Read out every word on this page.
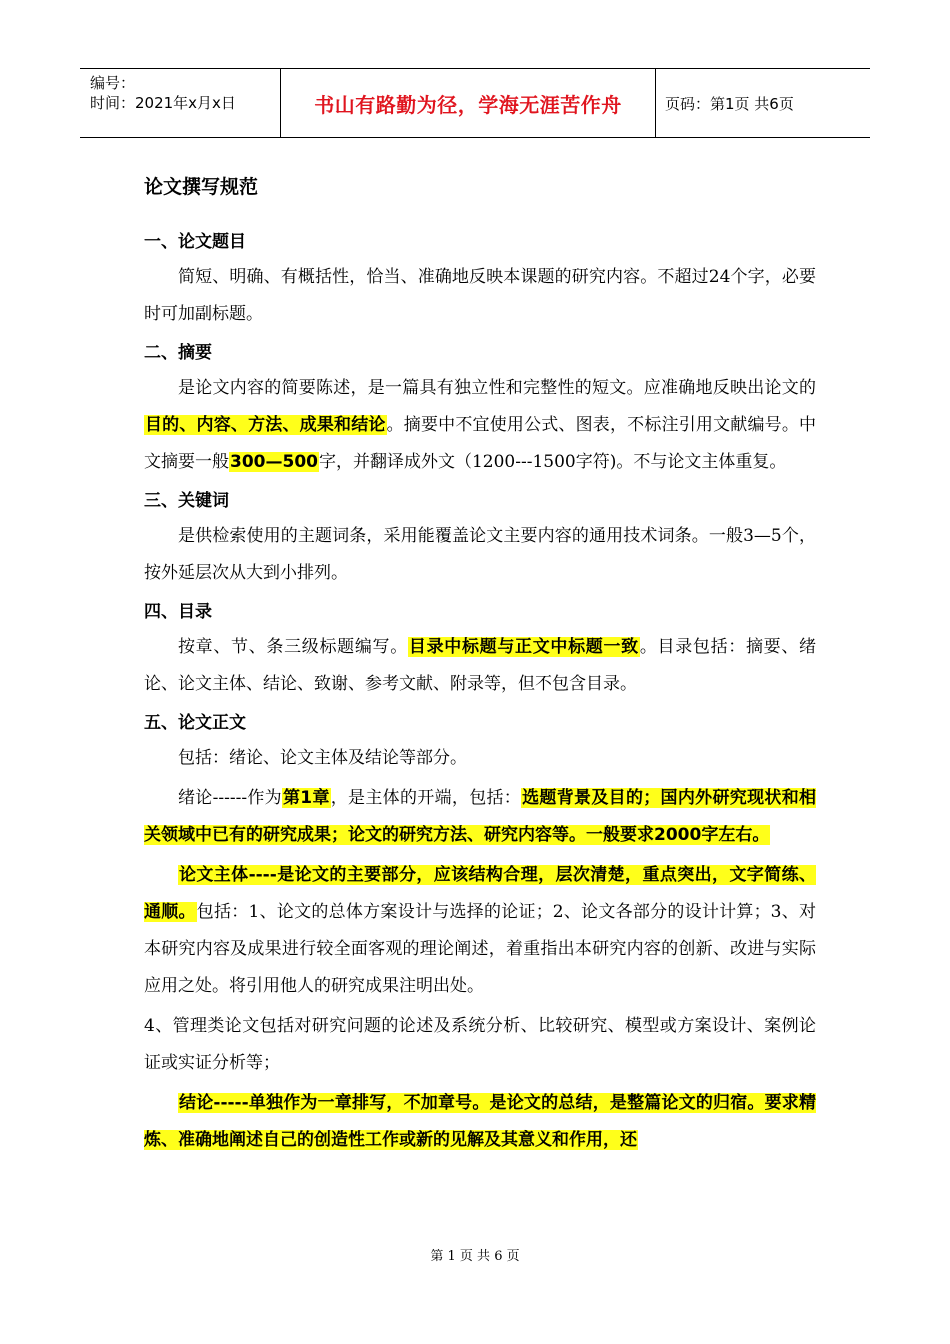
编号：
时间：2021年x月x日	书山有路勤为径，学海无涯苦作舟	页码：第1页 共6页
论文撰写规范
一、论文题目

简短、明确、有概括性，恰当、准确地反映本课题的研究内容。不超过24个字，必要时可加副标题。

二、摘要

是论文内容的简要陈述，是一篇具有独立性和完整性的短文。应准确地反映出论文的目的、内容、方法、成果和结论。摘要中不宜使用公式、图表，不标注引用文献编号。中文摘要一般300—500字，并翻译成外文（1200---1500字符)。不与论文主体重复。

三、关键词

是供检索使用的主题词条，采用能覆盖论文主要内容的通用技术词条。一般3—5个，按外延层次从大到小排列。

四、目录

按章、节、条三级标题编写。目录中标题与正文中标题一致。目录包括：摘要、绪论、论文主体、结论、致谢、参考文献、附录等，但不包含目录。

五、论文正文

包括：绪论、论文主体及结论等部分。

绪论------作为第1章，是主体的开端，包括：选题背景及目的；国内外研究现状和相关领域中已有的研究成果；论文的研究方法、研究内容等。一般要求2000字左右。

论文主体----是论文的主要部分，应该结构合理，层次清楚，重点突出，文字简练、通顺。包括：1、论文的总体方案设计与选择的论证；2、论文各部分的设计计算；3、对本研究内容及成果进行较全面客观的理论阐述，着重指出本研究内容的创新、改进与实际应用之处。将引用他人的研究成果注明出处。

4、管理类论文包括对研究问题的论述及系统分析、比较研究、模型或方案设计、案例论证或实证分析等；

结论-----单独作为一章排写，不加章号。是论文的总结，是整篇论文的归宿。要求精炼、准确地阐述自己的创造性工作或新的见解及其意义和作用，还

第 1 页 共 6 页
